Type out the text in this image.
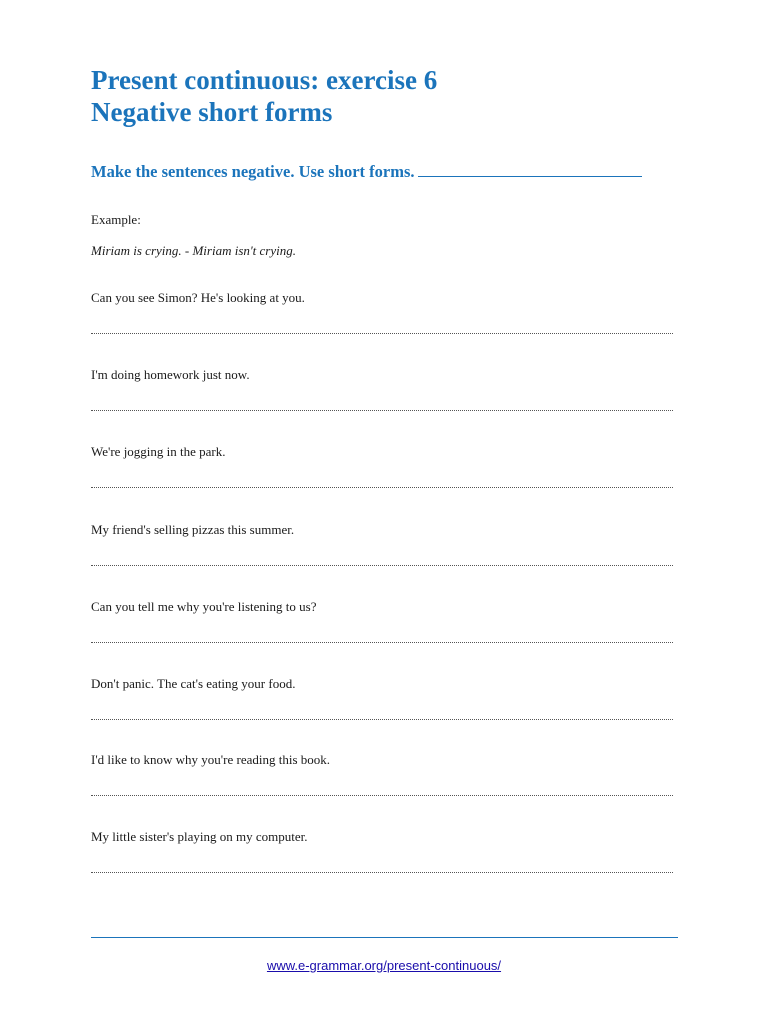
Present continuous: exercise 6
Negative short forms
Make the sentences negative. Use short forms.
Example:
Miriam is crying. - Miriam isn't crying.
Can you see Simon? He's looking at you.
I'm doing homework just now.
We're jogging in the park.
My friend's selling pizzas this summer.
Can you tell me why you're listening to us?
Don't panic. The cat's eating your food.
I'd like to know why you're reading this book.
My little sister's playing on my computer.
www.e-grammar.org/present-continuous/
